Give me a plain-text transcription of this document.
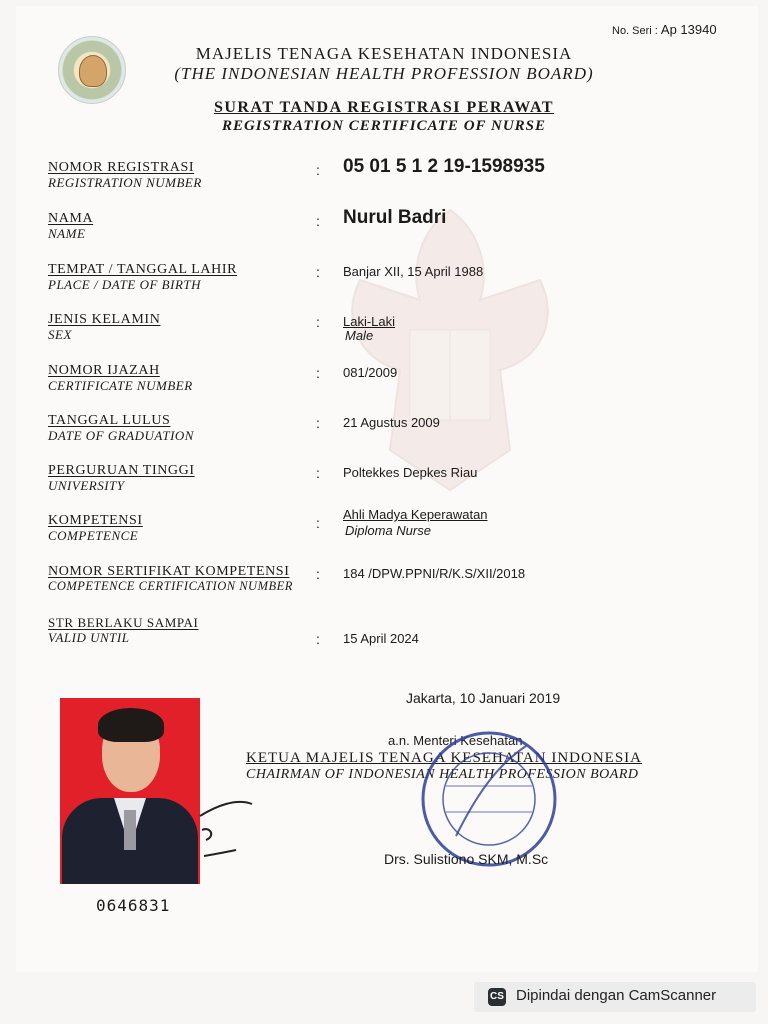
No. Seri : Ap 13940
MAJELIS TENAGA KESEHATAN INDONESIA
(THE INDONESIAN HEALTH PROFESSION BOARD)
SURAT TANDA REGISTRASI PERAWAT
REGISTRATION CERTIFICATE OF NURSE
NOMOR REGISTRASI
REGISTRATION NUMBER
: 05 01 5 1 2 19-1598935
NAMA
NAME
: Nurul Badri
TEMPAT / TANGGAL LAHIR
PLACE / DATE OF BIRTH
: Banjar XII, 15 April 1988
JENIS KELAMIN
SEX
: Laki-Laki
Male
NOMOR IJAZAH
CERTIFICATE NUMBER
: 081/2009
TANGGAL LULUS
DATE OF GRADUATION
: 21 Agustus 2009
PERGURUAN TINGGI
UNIVERSITY
: Poltekkes Depkes Riau
KOMPETENSI
COMPETENCE
:
Ahli Madya Keperawatan
Diploma Nurse
NOMOR SERTIFIKAT KOMPETENSI
COMPETENCE CERTIFICATION NUMBER
: 184 /DPW.PPNI/R/K.S/XII/2018
STR BERLAKU SAMPAI
VALID UNTIL	: 15 April 2024
0646831
Jakarta, 10 Januari 2019
a.n. Menteri Kesehatan
KETUA MAJELIS TENAGA KESEHATAN INDONESIA
CHAIRMAN OF INDONESIAN HEALTH PROFESSION BOARD
Drs. Sulistiono SKM, M.Sc
CS Dipindai dengan CamScanner
